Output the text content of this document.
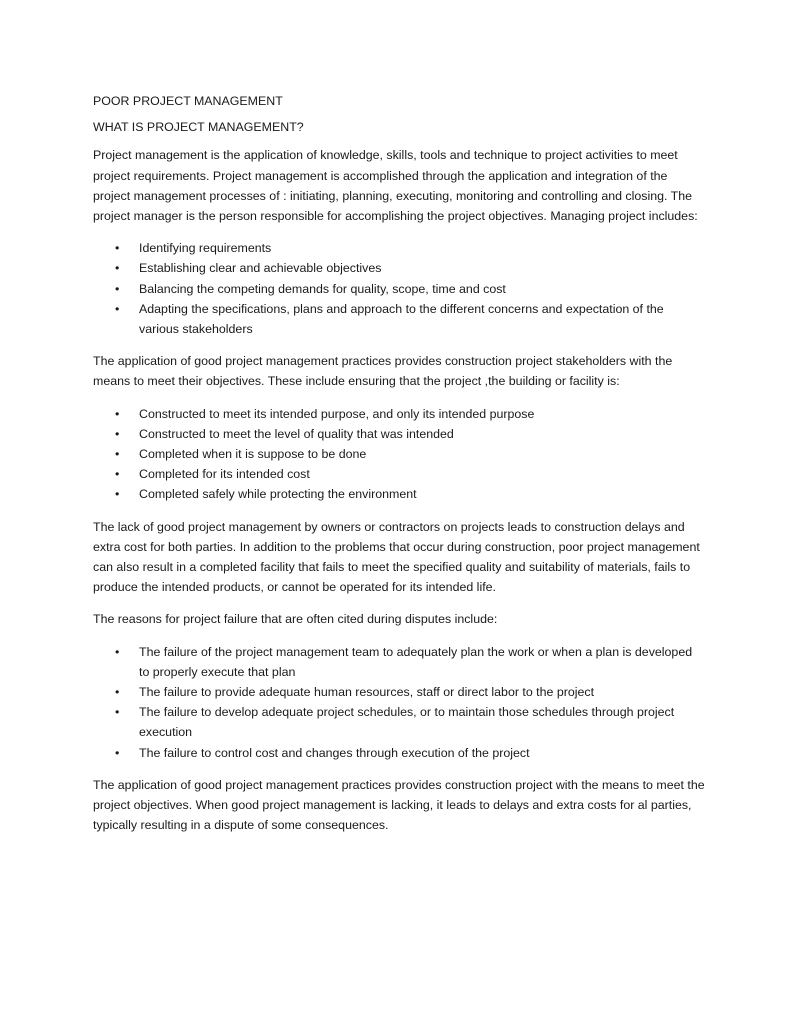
POOR PROJECT MANAGEMENT

WHAT IS PROJECT MANAGEMENT?

Project management is the application of knowledge, skills, tools and technique to project activities to meet project requirements. Project management is accomplished through the application and integration of the project management processes of : initiating, planning, executing, monitoring and controlling and closing. The project manager is the person responsible for accomplishing the project objectives. Managing project includes:

• Identifying requirements
• Establishing clear and achievable objectives
• Balancing the competing demands for quality, scope, time and cost
• Adapting the specifications, plans and approach to the different concerns and expectation of the various stakeholders

The application of good project management practices provides construction project stakeholders with the means to meet their objectives. These include ensuring that the project ,the building or facility is:

• Constructed to meet its intended purpose, and only its intended purpose
• Constructed to meet the level of quality that was intended
• Completed when it is suppose to be done
• Completed for its intended cost
• Completed safely while protecting the environment

The lack of good project management by owners or contractors on projects leads to construction delays and extra cost for both parties. In addition to the problems that occur during construction, poor project management can also result in a completed facility that fails to meet the specified quality and suitability of materials, fails to produce the intended products, or cannot be operated for its intended life.

The reasons for project failure that are often cited during disputes include:

• The failure of the project management team to adequately plan the work or when a plan is developed to properly execute that plan
• The failure to provide adequate human resources, staff or direct labor to the project
• The failure to develop adequate project schedules, or to maintain those schedules through project execution
• The failure to control cost and changes through execution of the project

The application of good project management practices provides construction project with the means to meet the project objectives. When good project management is lacking, it leads to delays and extra costs for al parties, typically resulting in a dispute of some consequences.
